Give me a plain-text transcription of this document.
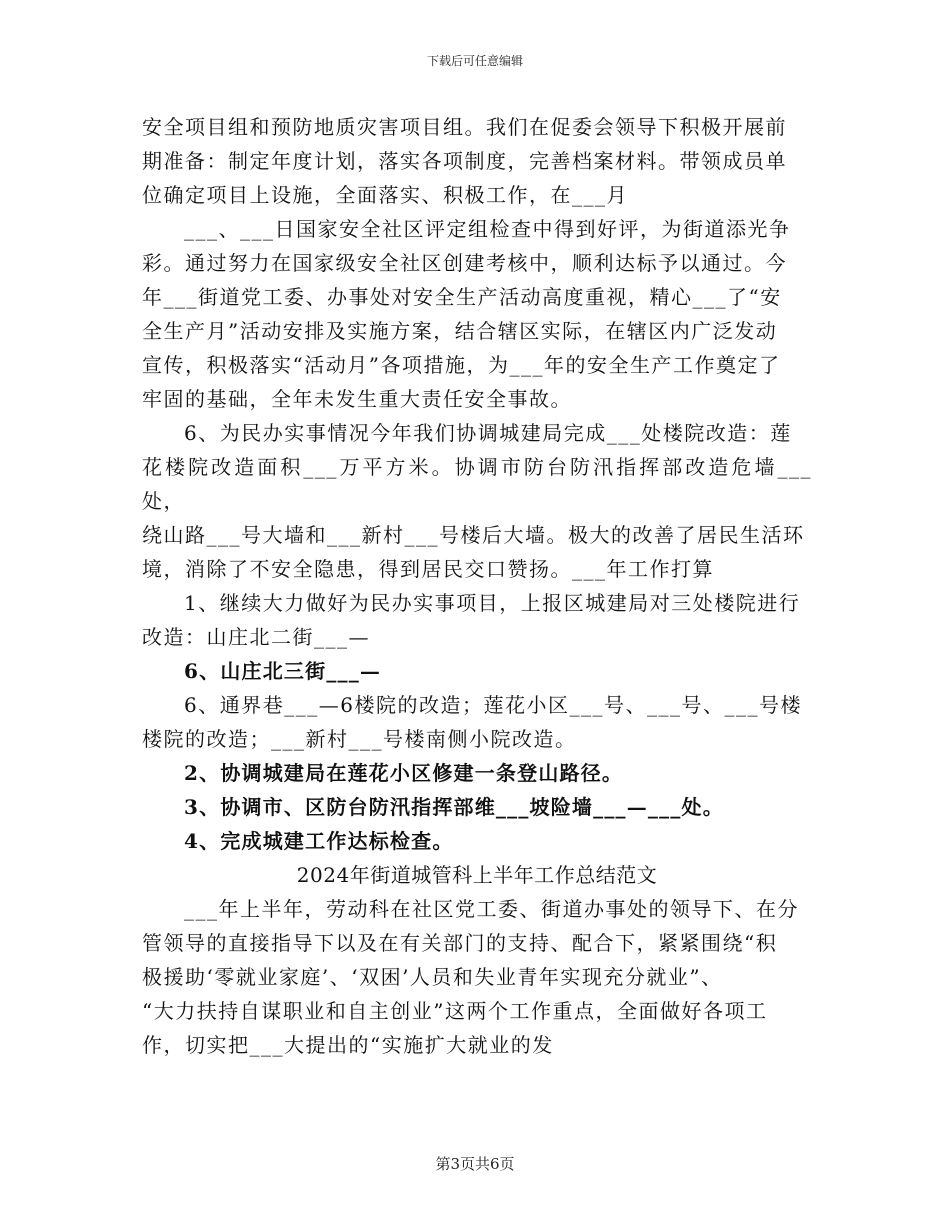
下载后可任意编辑

安全项目组和预防地质灾害项目组。我们在促委会领导下积极开展前
期准备：制定年度计划，落实各项制度，完善档案材料。带领成员单
位确定项目上设施，全面落实、积极工作，在___月

___、___日国家安全社区评定组检查中得到好评，为街道添光争
彩。通过努力在国家级安全社区创建考核中，顺利达标予以通过。今
年___街道党工委、办事处对安全生产活动高度重视，精心___了“安
全生产月”活动安排及实施方案，结合辖区实际，在辖区内广泛发动
宣传，积极落实“活动月”各项措施，为___年的安全生产工作奠定了
牢固的基础，全年未发生重大责任安全事故。

6、为民办实事情况今年我们协调城建局完成___处楼院改造：莲
花楼院改造面积___万平方米。协调市防台防汛指挥部改造危墙___处，
绕山路___号大墙和___新村___号楼后大墙。极大的改善了居民生活环
境，消除了不安全隐患，得到居民交口赞扬。___年工作打算

1、继续大力做好为民办实事项目，上报区城建局对三处楼院进行
改造：山庄北二街___—

6、山庄北三街___—

6、通界巷___—6楼院的改造；莲花小区___号、___号、___号楼
楼院的改造；___新村___号楼南侧小院改造。

2、协调城建局在莲花小区修建一条登山路径。

3、协调市、区防台防汛指挥部维___坡险墙___—___处。

4、完成城建工作达标检查。

2024年街道城管科上半年工作总结范文

___年上半年，劳动科在社区党工委、街道办事处的领导下、在分
管领导的直接指导下以及在有关部门的支持、配合下，紧紧围绕“积
极援助‘零就业家庭’、‘双困’人员和失业青年实现充分就业”、
“大力扶持自谋职业和自主创业”这两个工作重点，全面做好各项工
作，切实把___大提出的“实施扩大就业的发

第3页共6页
